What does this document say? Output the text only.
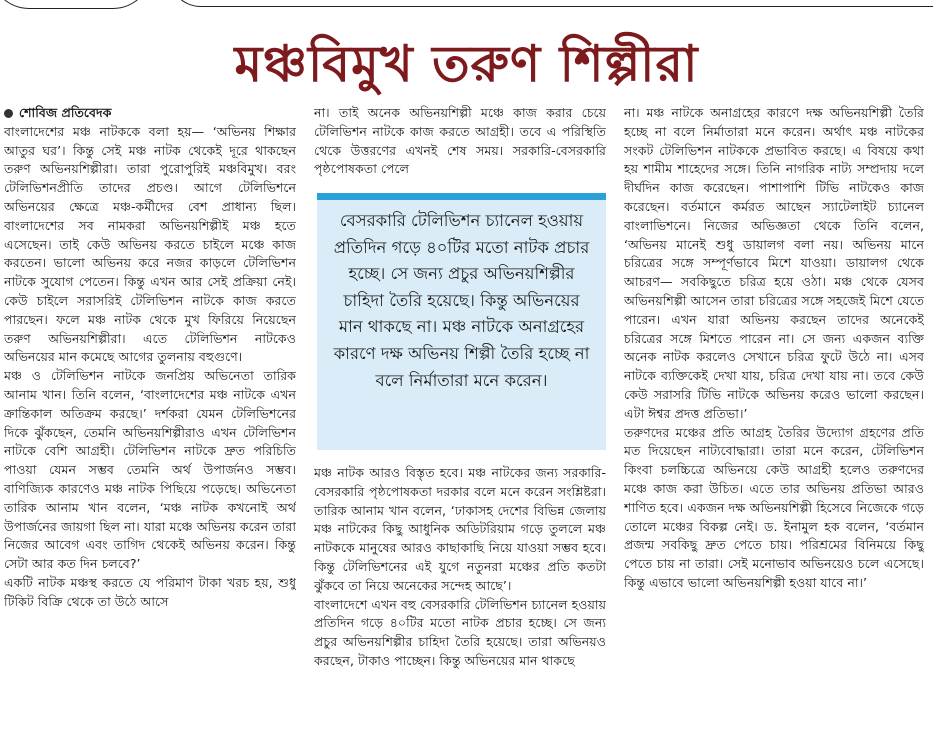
মঞ্চবিমুখ তরুণ শিল্পীরা
শোবিজ প্রতিবেদক

বাংলাদেশের মঞ্চ নাটককে বলা হয়— ‘অভিনয় শিক্ষার আতুর ঘর’। কিন্তু সেই মঞ্চ নাটক থেকেই দূরে থাকছেন তরুণ অভিনয়শিল্পীরা। তারা পুরোপুরিই মঞ্চবিমুখ। বরং টেলিভিশনপ্রীতি তাদের প্রচণ্ড। আগে টেলিভিশনে অভিনয়ের ক্ষেত্রে মঞ্চ-কর্মীদের বেশ প্রাধান্য ছিল। বাংলাদেশের সব নামকরা অভিনয়শিল্পীই মঞ্চ হতে এসেছেন। তাই কেউ অভিনয় করতে চাইলে মঞ্চে কাজ করতেন। ভালো অভিনয় করে নজর কাড়লে টেলিভিশন নাটকে সুযোগ পেতেন। কিন্তু এখন আর সেই প্রক্রিয়া নেই। কেউ চাইলে সরাসরিই টেলিভিশন নাটকে কাজ করতে পারছেন। ফলে মঞ্চ নাটক থেকে মুখ ফিরিয়ে নিয়েছেন তরুণ অভিনয়শিল্পীরা। এতে টেলিভিশন নাটকেও অভিনয়ের মান কমেছে আগের তুলনায় বহুগুণে।

মঞ্চ ও টেলিভিশন নাটকে জনপ্রিয় অভিনেতা তারিক আনাম খান। তিনি বলেন, ‘বাংলাদেশের মঞ্চ নাটকে এখন ক্রান্তিকাল অতিক্রম করছে।’ দর্শকরা যেমন টেলিভিশনের দিকে ঝুঁকছেন, তেমনি অভিনয়শিল্পীরাও এখন টেলিভিশন নাটকে বেশি আগ্রহী। টেলিভিশন নাটকে দ্রুত পরিচিতি পাওয়া যেমন সম্ভব তেমনি অর্থ উপার্জনও সম্ভব। বাণিজ্যিক কারণেও মঞ্চ নাটক পিছিয়ে পড়েছে। অভিনেতা তারিক আনাম খান বলেন, ‘মঞ্চ নাটক কখনোই অর্থ উপার্জনের জায়গা ছিল না। যারা মঞ্চে অভিনয় করেন তারা নিজের আবেগ এবং তাগিদ থেকেই অভিনয় করেন। কিন্তু সেটা আর কত দিন চলবে?’

একটি নাটক মঞ্চস্থ করতে যে পরিমাণ টাকা খরচ হয়, শুধু টিকিট বিক্রি থেকে তা উঠে আসে

না। তাই অনেক অভিনয়শিল্পী মঞ্চে কাজ করার চেয়ে টেলিভিশন নাটকে কাজ করতে আগ্রহী। তবে এ পরিস্থিতি থেকে উত্তরণের এখনই শেষ সময়। সরকারি-বেসরকারি পৃষ্ঠপোষকতা পেলে

বেসরকারি টেলিভিশন চ্যানেল হওয়ায় প্রতিদিন গড়ে ৪০টির মতো নাটক প্রচার হচ্ছে। সে জন্য প্রচুর অভিনয়শিল্পীর চাহিদা তৈরি হয়েছে। কিন্তু অভিনয়ের মান থাকছে না। মঞ্চ নাটকে অনাগ্রহের কারণে দক্ষ অভিনয় শিল্পী তৈরি হচ্ছে না বলে নির্মাতারা মনে করেন।

মঞ্চ নাটক আরও বিস্তৃত হবে। মঞ্চ নাটকের জন্য সরকারি-বেসরকারি পৃষ্ঠপোষকতা দরকার বলে মনে করেন সংশ্লিষ্টরা। তারিক আনাম খান বলেন, ‘ঢাকাসহ দেশের বিভিন্ন জেলায় মঞ্চ নাটকের কিছু আধুনিক অডিটরিয়াম গড়ে তুললে মঞ্চ নাটককে মানুষের আরও কাছাকাছি নিয়ে যাওয়া সম্ভব হবে। কিন্তু টেলিভিশনের এই যুগে নতুনরা মঞ্চের প্রতি কতটা ঝুঁকবে তা নিয়ে অনেকের সন্দেহ আছে’।

বাংলাদেশে এখন বহু বেসরকারি টেলিভিশন চ্যানেল হওয়ায় প্রতিদিন গড়ে ৪০টির মতো নাটক প্রচার হচ্ছে। সে জন্য প্রচুর অভিনয়শিল্পীর চাহিদা তৈরি হয়েছে। তারা অভিনয়ও করছেন, টাকাও পাচ্ছেন। কিন্তু অভিনয়ের মান থাকছে

না। মঞ্চ নাটকে অনাগ্রহের কারণে দক্ষ অভিনয়শিল্পী তৈরি হচ্ছে না বলে নির্মাতারা মনে করেন। অর্থাৎ মঞ্চ নাটকের সংকট টেলিভিশন নাটককে প্রভাবিত করছে। এ বিষয়ে কথা হয় শামীম শাহেদের সঙ্গে। তিনি নাগরিক নাট্য সম্প্রদায় দলে দীর্ঘদিন কাজ করেছেন। পাশাপাশি টিভি নাটকেও কাজ করেছেন। বর্তমানে কর্মরত আছেন স্যাটেলাইট চ্যানেল বাংলাভিশনে। নিজের অভিজ্ঞতা থেকে তিনি বলেন, ‘অভিনয় মানেই শুধু ডায়ালগ বলা নয়। অভিনয় মানে চরিত্রের সঙ্গে সম্পূর্ণভাবে মিশে যাওয়া। ডায়ালগ থেকে আচরণ— সবকিছুতে চরিত্র হয়ে ওঠা। মঞ্চ থেকে যেসব অভিনয়শিল্পী আসেন তারা চরিত্রের সঙ্গে সহজেই মিশে যেতে পারেন। এখন যারা অভিনয় করছেন তাদের অনেকেই চরিত্রের সঙ্গে মিশতে পারেন না। সে জন্য একজন ব্যক্তি অনেক নাটক করলেও সেখানে চরিত্র ফুটে উঠে না। এসব নাটকে ব্যক্তিকেই দেখা যায়, চরিত্র দেখা যায় না। তবে কেউ কেউ সরাসরি টিভি নাটকে অভিনয় করেও ভালো করছেন। এটা ঈশ্বর প্রদত্ত প্রতিভা।’

তরুণদের মঞ্চের প্রতি আগ্রহ তৈরির উদ্যোগ গ্রহণের প্রতি মত দিয়েছেন নাট্যবোদ্ধারা। তারা মনে করেন, টেলিভিশন কিংবা চলচ্চিত্রে অভিনয়ে কেউ আগ্রহী হলেও তরুণদের মঞ্চে কাজ করা উচিত। এতে তার অভিনয় প্রতিভা আরও শাণিত হবে। একজন দক্ষ অভিনয়শিল্পী হিসেবে নিজেকে গড়ে তোলে মঞ্চের বিকল্প নেই। ড. ইনামুল হক বলেন, ‘বর্তমান প্রজন্ম সবকিছু দ্রুত পেতে চায়। পরিশ্রমের বিনিময়ে কিছু পেতে চায় না তারা। সেই মনোভাব অভিনয়েও চলে এসেছে। কিন্তু এভাবে ভালো অভিনয়শিল্পী হওয়া যাবে না।’
